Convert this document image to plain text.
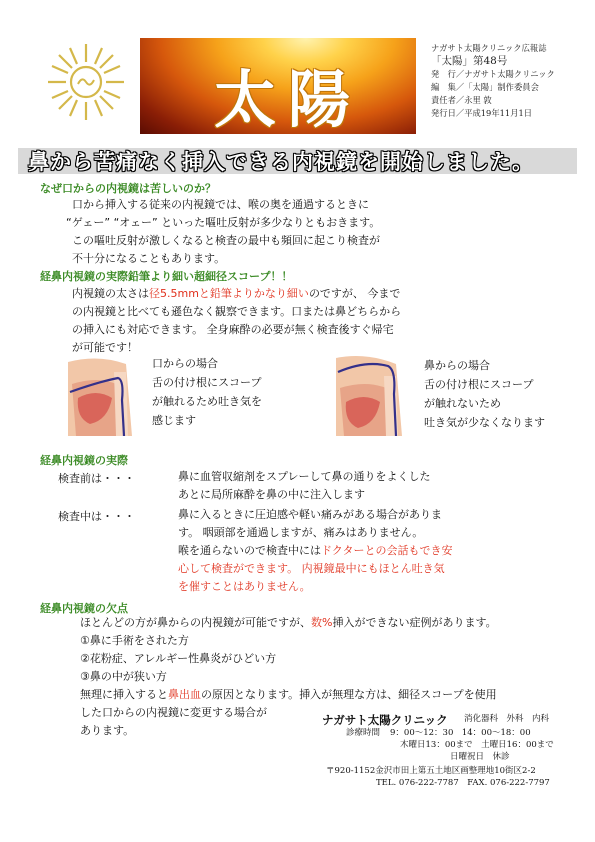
太陽
ナガサト太陽クリニック広報誌
「太陽」第48号
発　行／ナガサト太陽クリニック
編　集／「太陽」制作委員会
責任者／永里 敦
発行日／平成19年11月1日
鼻から苦痛なく挿入できる内視鏡を開始しました。
なぜ口からの内視鏡は苦しいのか？
口から挿入する従来の内視鏡では、喉の奥を通過するときに
“ゲェー” “オェー” といった嘔吐反射が多少なりともおきます。
この嘔吐反射が激しくなると検査の最中も頻回に起こり検査が
不十分になることもあります。
経鼻内視鏡の実際鉛筆より細い超細径スコープ！！
内視鏡の太さは径5.5mmと鉛筆よりかなり細いのですが、 今まで
の内視鏡と比べても遜色なく観察できます。口または鼻どちらから
の挿入にも対応できます。 全身麻酔の必要が無く検査後すぐ帰宅
が可能です！
口からの場合
舌の付け根にスコープ
が触れるため吐き気を
感じます
鼻からの場合
舌の付け根にスコープ
が触れないため
吐き気が少なくなります
経鼻内視鏡の実際
検査前は・・・	鼻に血管収縮剤をスプレーして鼻の通りをよくした
あとに局所麻酔を鼻の中に注入します
検査中は・・・	鼻に入るときに圧迫感や軽い痛みがある場合がありま
す。 咽頭部を通過しますが、痛みはありません。
喉を通らないので検査中にはドクターとの会話もでき安
心して検査ができます。 内視鏡最中にもほとん吐き気
を催すことはありません。
経鼻内視鏡の欠点
ほとんどの方が鼻からの内視鏡が可能ですが、数%挿入ができない症例があります。
①鼻に手術をされた方
②花粉症、アレルギー性鼻炎がひどい方
③鼻の中が狭い方
無理に挿入すると鼻出血の原因となります。挿入が無理な方は、細径スコープを使用
した口からの内視鏡に変更する場合が
あります。
ナガサト太陽クリニック 消化器科　外科　内科
診療時間 9：00～12：30　14：00～18：00
木曜日13：00まで　土曜日16：00まで
日曜祝日　休診
〒920-1152金沢市田上第五土地区画整理地10街区2-2
TEL. 076-222-7787　FAX. 076-222-7797
